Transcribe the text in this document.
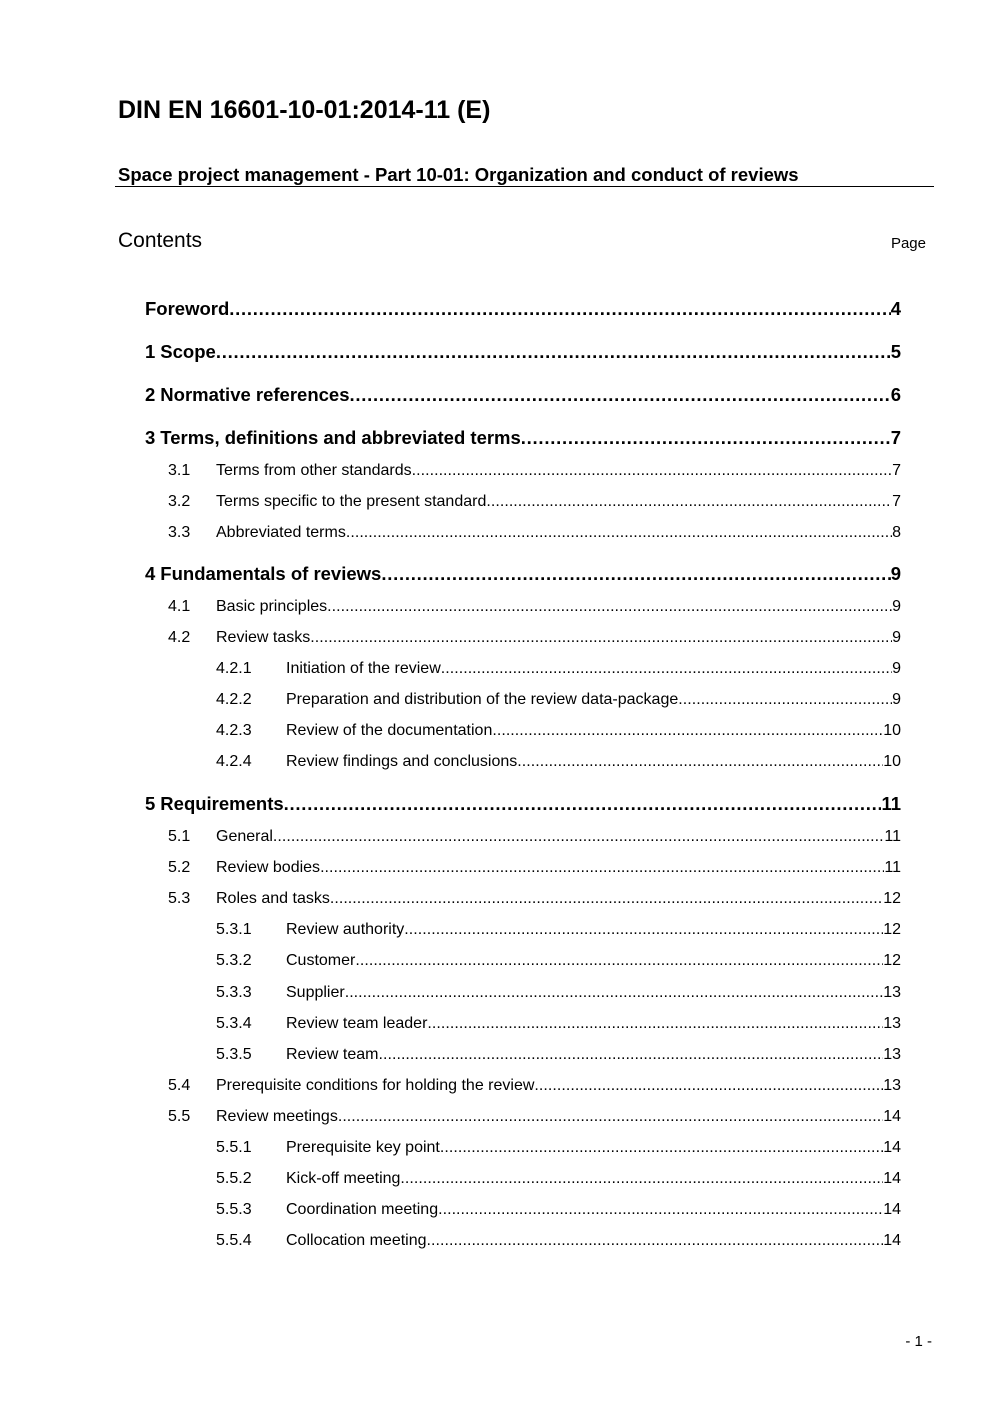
DIN EN 16601-10-01:2014-11 (E)
Space project management - Part 10-01: Organization and conduct of reviews
Contents	Page
Foreword . . .	4
1 Scope . . .	5
2 Normative references . . .	6
3 Terms, definitions and abbreviated terms . . .	7
3.1	Terms from other standards . . .	7
3.2	Terms specific to the present standard . . .	7
3.3	Abbreviated terms . . .	8
4 Fundamentals of reviews . . .	9
4.1	Basic principles . . .	9
4.2	Review tasks . . .	9
4.2.1	Initiation of the review . . .	9
4.2.2	Preparation and distribution of the review data-package . . .	9
4.2.3	Review of the documentation . . .	10
4.2.4	Review findings and conclusions . . .	10
5 Requirements . . .	11
5.1	General . . .	11
5.2	Review bodies . . .	11
5.3	Roles and tasks . . .	12
5.3.1	Review authority . . .	12
5.3.2	Customer . . .	12
5.3.3	Supplier . . .	13
5.3.4	Review team leader . . .	13
5.3.5	Review team . . .	13
5.4	Prerequisite conditions for holding the review . . .	13
5.5	Review meetings . . .	14
5.5.1	Prerequisite key point . . .	14
5.5.2	Kick-off meeting . . .	14
5.5.3	Coordination meeting . . .	14
5.5.4	Collocation meeting . . .	14
- 1 -
